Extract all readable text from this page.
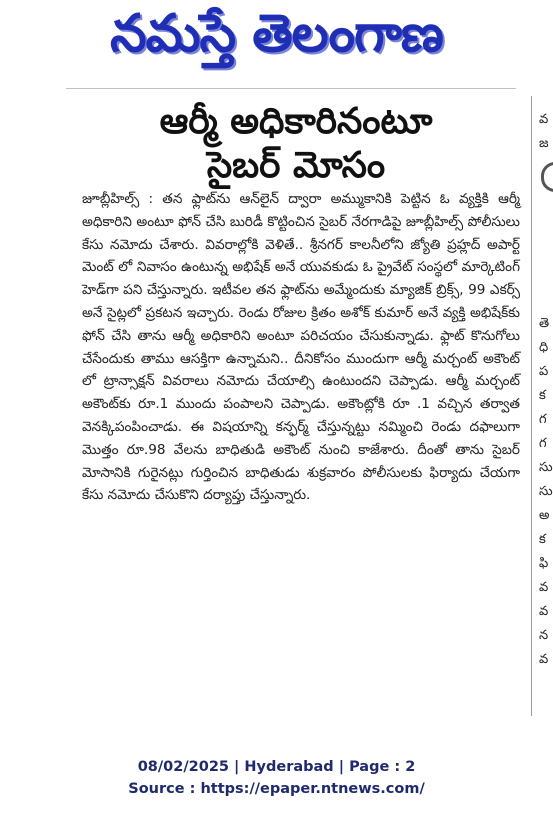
నమస్తే తెలంగాణ
ఆర్మీ అధికారినంటూ
సైబర్ మోసం

జూబ్లీహిల్స్ : తన ఫ్లాట్‌ను ఆన్‌లైన్ ద్వారా అమ్ముకానికి పెట్టిన ఓ వ్యక్తికి ఆర్మీ అధికారిని అంటూ ఫోన్ చేసి బురిడీ కొట్టించిన సైబర్ నేరగాడిపై జూబ్లీహిల్స్ పోలీసులు కేసు నమోదు చేశారు. వివరాల్లోకి వెళితే.. శ్రీనగర్ కాలనీలోని జ్యోతి ప్రహ్లద్ అపార్ట్ మెంట్ లో నివాసం ఉంటున్న అభిషేక్ అనే యువకుడు ఓ ప్రైవేట్ సంస్థలో మార్కెటింగ్ హెడ్‌గా పని చేస్తున్నారు. ఇటీవల తన ఫ్లాట్‌ను అమ్మేందుకు మ్యాజిక్ బ్రిక్స్, 99 ఎకర్స్ అనే సైట్లలో ప్రకటన ఇచ్చారు. రెండు రోజుల క్రితం అశోక్ కుమార్ అనే వ్యక్తి అభిషేక్‌కు ఫోన్ చేసి తాను ఆర్మీ అధికారిని అంటూ పరిచయం చేసుకున్నాడు. ఫ్లాట్ కొనుగోలు చేసేందుకు తాము ఆసక్తిగా ఉన్నామని.. దీనికోసం ముందుగా ఆర్మీ మర్చంట్ అకౌంట్ లో ట్రాన్సాక్షన్ వివరాలు నమోదు చేయాల్సి ఉంటుందని చెప్పాడు. ఆర్మీ మర్చంట్ అకౌంట్‌కు రూ.1 ముందు పంపాలని చెప్పాడు. అకౌంట్లోకి రూ .1 వచ్చిన తర్వాత వెనక్కిపంపించాడు. ఈ విషయాన్ని కన్ఫర్మ్ చేస్తున్నట్టు నమ్మించి రెండు దఫాలుగా మొత్తం రూ.98 వేలను బాధితుడి అకౌంట్ నుంచి కాజేశారు. దీంతో తాను సైబర్ మోసానికి గురైనట్లు గుర్తించిన బాధితుడు శుక్రవారం పోలీసులకు ఫిర్యాదు చేయగా కేసు నమోదు చేసుకొని దర్యాప్తు చేస్తున్నారు.

వ
జ
తె
ధి
ప
క
గ
గ
సు
సు
అ
క
ఫి
వ
వ
న
వ
08/02/2025 | Hyderabad | Page : 2
Source : https://epaper.ntnews.com/
